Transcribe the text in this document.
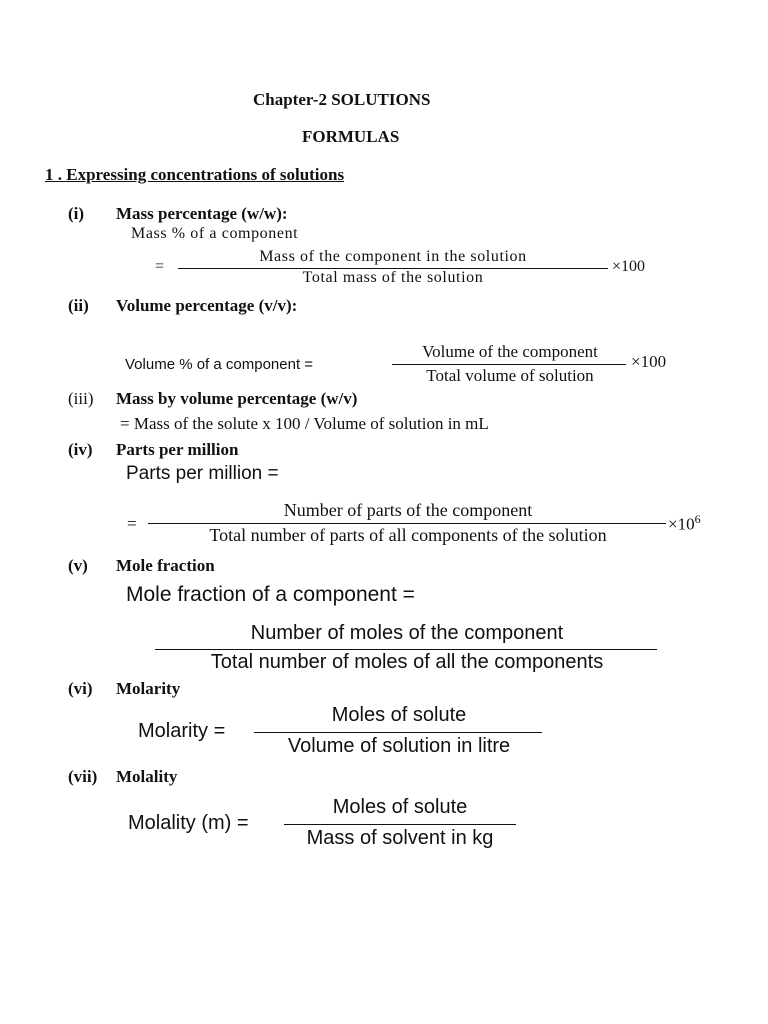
Chapter-2 SOLUTIONS
FORMULAS
1 . Expressing concentrations of solutions
(i) Mass percentage (w/w):
Mass % of a component
=
Mass of the component in the solution
Total mass of the solution
×100
(ii) Volume percentage (v/v):
Volume % of a component =
Volume of the component
Total volume of solution
×100
(iii) Mass by volume percentage (w/v)
= Mass of the solute x 100 / Volume of solution in mL
(iv) Parts per million
Parts per million =
=
Number of parts of the component
Total number of parts of all components of the solution
$\times 10^6$
(v) Mole fraction
Mole fraction of a component =
Number of moles of the component
Total number of moles of all the components
(vi) Molarity
Molarity =
Moles of solute
Volume of solution in litre
(vii) Molality
Molality (m) =
Moles of solute
Mass of solvent in kg
